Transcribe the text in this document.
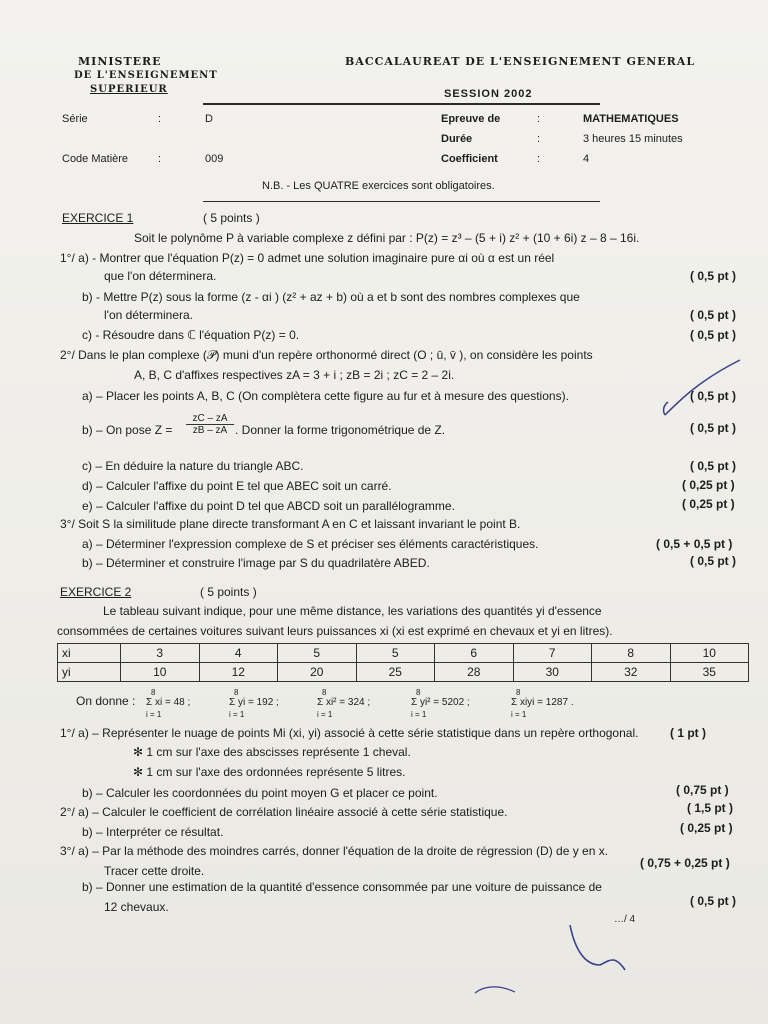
MINISTERE
DE L'ENSEIGNEMENT
SUPERIEUR
BACCALAUREAT DE L'ENSEIGNEMENT GENERAL
SESSION 2002
Série	:	D	Epreuve de	:	MATHEMATIQUES
Durée	:	3 heures 15 minutes
Code Matière	:	009	Coefficient	:	4
N.B. - Les QUATRE exercices sont obligatoires.
EXERCICE 1	( 5 points )
Soit le polynôme P à variable complexe z défini par : P(z) = z³ – (5 + i) z² + (10 + 6i) z – 8 – 16i.
1°/ a) - Montrer que l'équation P(z) = 0 admet une solution imaginaire pure αi où α est un réel
que l'on déterminera.	( 0,5 pt )
b) - Mettre P(z) sous la forme (z - αi ) (z² + az + b) où a et b sont des nombres complexes que
l'on déterminera.	( 0,5 pt )
c) - Résoudre dans ℂ l'équation P(z) = 0.	( 0,5 pt )
2°/ Dans le plan complexe (𝒫) muni d'un repère orthonormé direct (O ; ū, v̄ ), on considère les points
A, B, C d'affixes respectives zA = 3 + i ; zB = 2i ; zC = 2 – 2i.
a) – Placer les points A, B, C (On complètera cette figure au fur et à mesure des questions).	( 0,5 pt )
b) – On pose $Z = \frac{zC - zA}{zB - zA}$ . Donner la forme trigonométrique de Z.	( 0,5 pt )
c) – En déduire la nature du triangle ABC.	( 0,5 pt )
d) – Calculer l'affixe du point E tel que ABEC soit un carré.	( 0,25 pt )
e) – Calculer l'affixe du point D tel que ABCD soit un parallélogramme.	( 0,25 pt )
3°/ Soit S la similitude plane directe transformant A en C et laissant invariant le point B.
a) – Déterminer l'expression complexe de S et préciser ses éléments caractéristiques.	( 0,5 + 0,5 pt )
b) – Déterminer et construire l'image par S du quadrilatère ABED.	( 0,5 pt )
EXERCICE 2	( 5 points )
Le tableau suivant indique, pour une même distance, les variations des quantités yi d'essence
consommées de certaines voitures suivant leurs puissances xi (xi est exprimé en chevaux et yi en litres).
xi	3	4	5	5	6	7	8	10
yi	10	12	20	25	28	30	32	35
On donne : Σ xi = 48 ;	Σ yi = 192 ;	Σ xi² = 324 ;	Σ yi² = 5202 ;	Σ xiyi = 1287 .
8
i = 1
8
i = 1
8
i = 1
8
i = 1
8
i = 1
1°/ a) – Représenter le nuage de points Mi (xi, yi) associé à cette série statistique dans un repère orthogonal.	( 1 pt )
✻ 1 cm sur l'axe des abscisses représente 1 cheval.
✻ 1 cm sur l'axe des ordonnées représente 5 litres.
b) – Calculer les coordonnées du point moyen G et placer ce point.	( 0,75 pt )
2°/ a) – Calculer le coefficient de corrélation linéaire associé à cette série statistique.	( 1,5 pt )
b) – Interpréter ce résultat.	( 0,25 pt )
3°/ a) – Par la méthode des moindres carrés, donner l'équation de la droite de régression (D) de y en x.
Tracer cette droite.
( 0,75 + 0,25 pt )
b) – Donner une estimation de la quantité d'essence consommée par une voiture de puissance de
12 chevaux.	( 0,5 pt )
…/ 4
